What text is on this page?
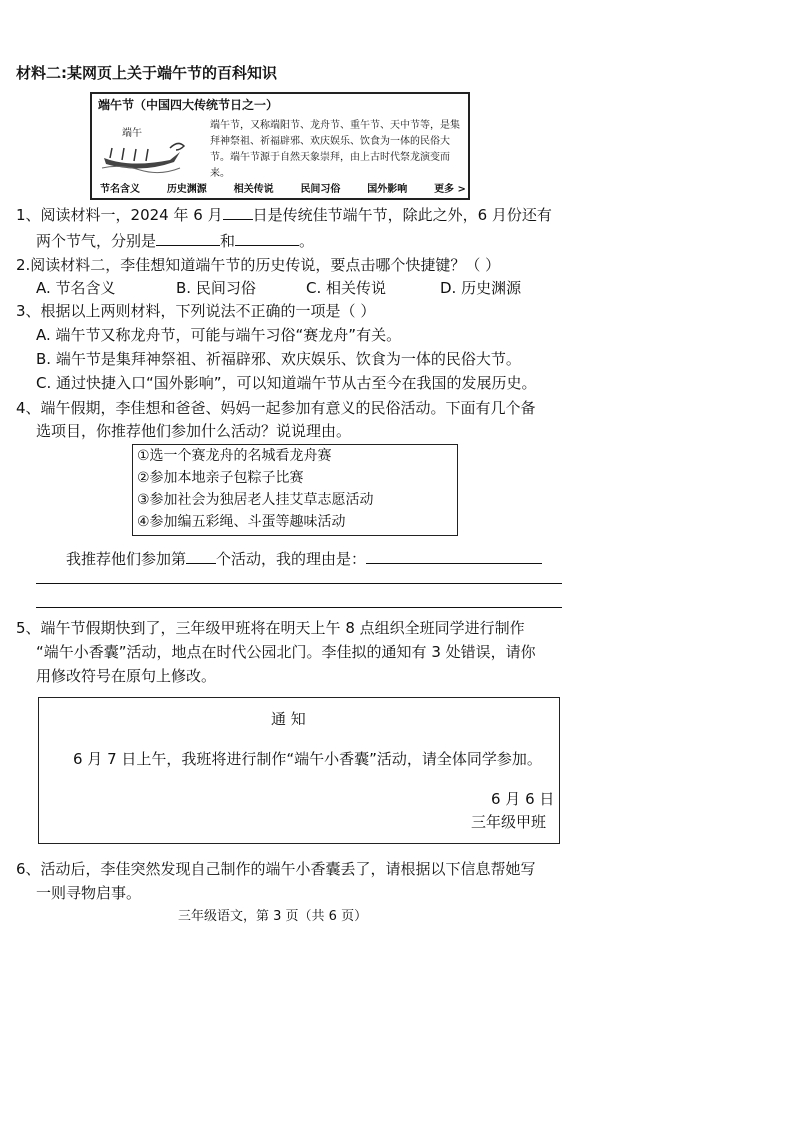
材料二:某网页上关于端午节的百科知识
端午节（中国四大传统节日之一）
端午
端午节，又称端阳节、龙舟节、重午节、天中节等，是集拜神祭祖、祈福辟邪、欢庆娱乐、饮食为一体的民俗大节。端午节源于自然天象崇拜，由上古时代祭龙演变而来。
节名含义	历史渊源	相关传说	民间习俗	国外影响	更多 >
1、阅读材料一，2024 年 6 月 日是传统佳节端午节，除此之外，6 月份还有
两个节气，分别是	和	。
2.阅读材料二，李佳想知道端午节的历史传说，要点击哪个快捷键？（ ）
A. 节名含义	B. 民间习俗	C. 相关传说	D. 历史渊源
3、根据以上两则材料，下列说法不正确的一项是（ ）
A. 端午节又称龙舟节，可能与端午习俗“赛龙舟”有关。
B. 端午节是集拜神祭祖、祈福辟邪、欢庆娱乐、饮食为一体的民俗大节。
C. 通过快捷入口“国外影响”，可以知道端午节从古至今在我国的发展历史。
4、端午假期，李佳想和爸爸、妈妈一起参加有意义的民俗活动。下面有几个备
选项目，你推荐他们参加什么活动？说说理由。
①选一个赛龙舟的名城看龙舟赛
②参加本地亲子包粽子比赛
③参加社会为独居老人挂艾草志愿活动
④参加编五彩绳、斗蛋等趣味活动
我推荐他们参加第 个活动，我的理由是：
5、端午节假期快到了，三年级甲班将在明天上午 8 点组织全班同学进行制作
“端午小香囊”活动，地点在时代公园北门。李佳拟的通知有 3 处错误，请你
用修改符号在原句上修改。
通 知
6 月 7 日上午，我班将进行制作“端午小香囊”活动，请全体同学参加。
6 月 6 日
三年级甲班
6、活动后，李佳突然发现自己制作的端午小香囊丢了，请根据以下信息帮她写
一则寻物启事。
三年级语文，第 3 页（共 6 页）
